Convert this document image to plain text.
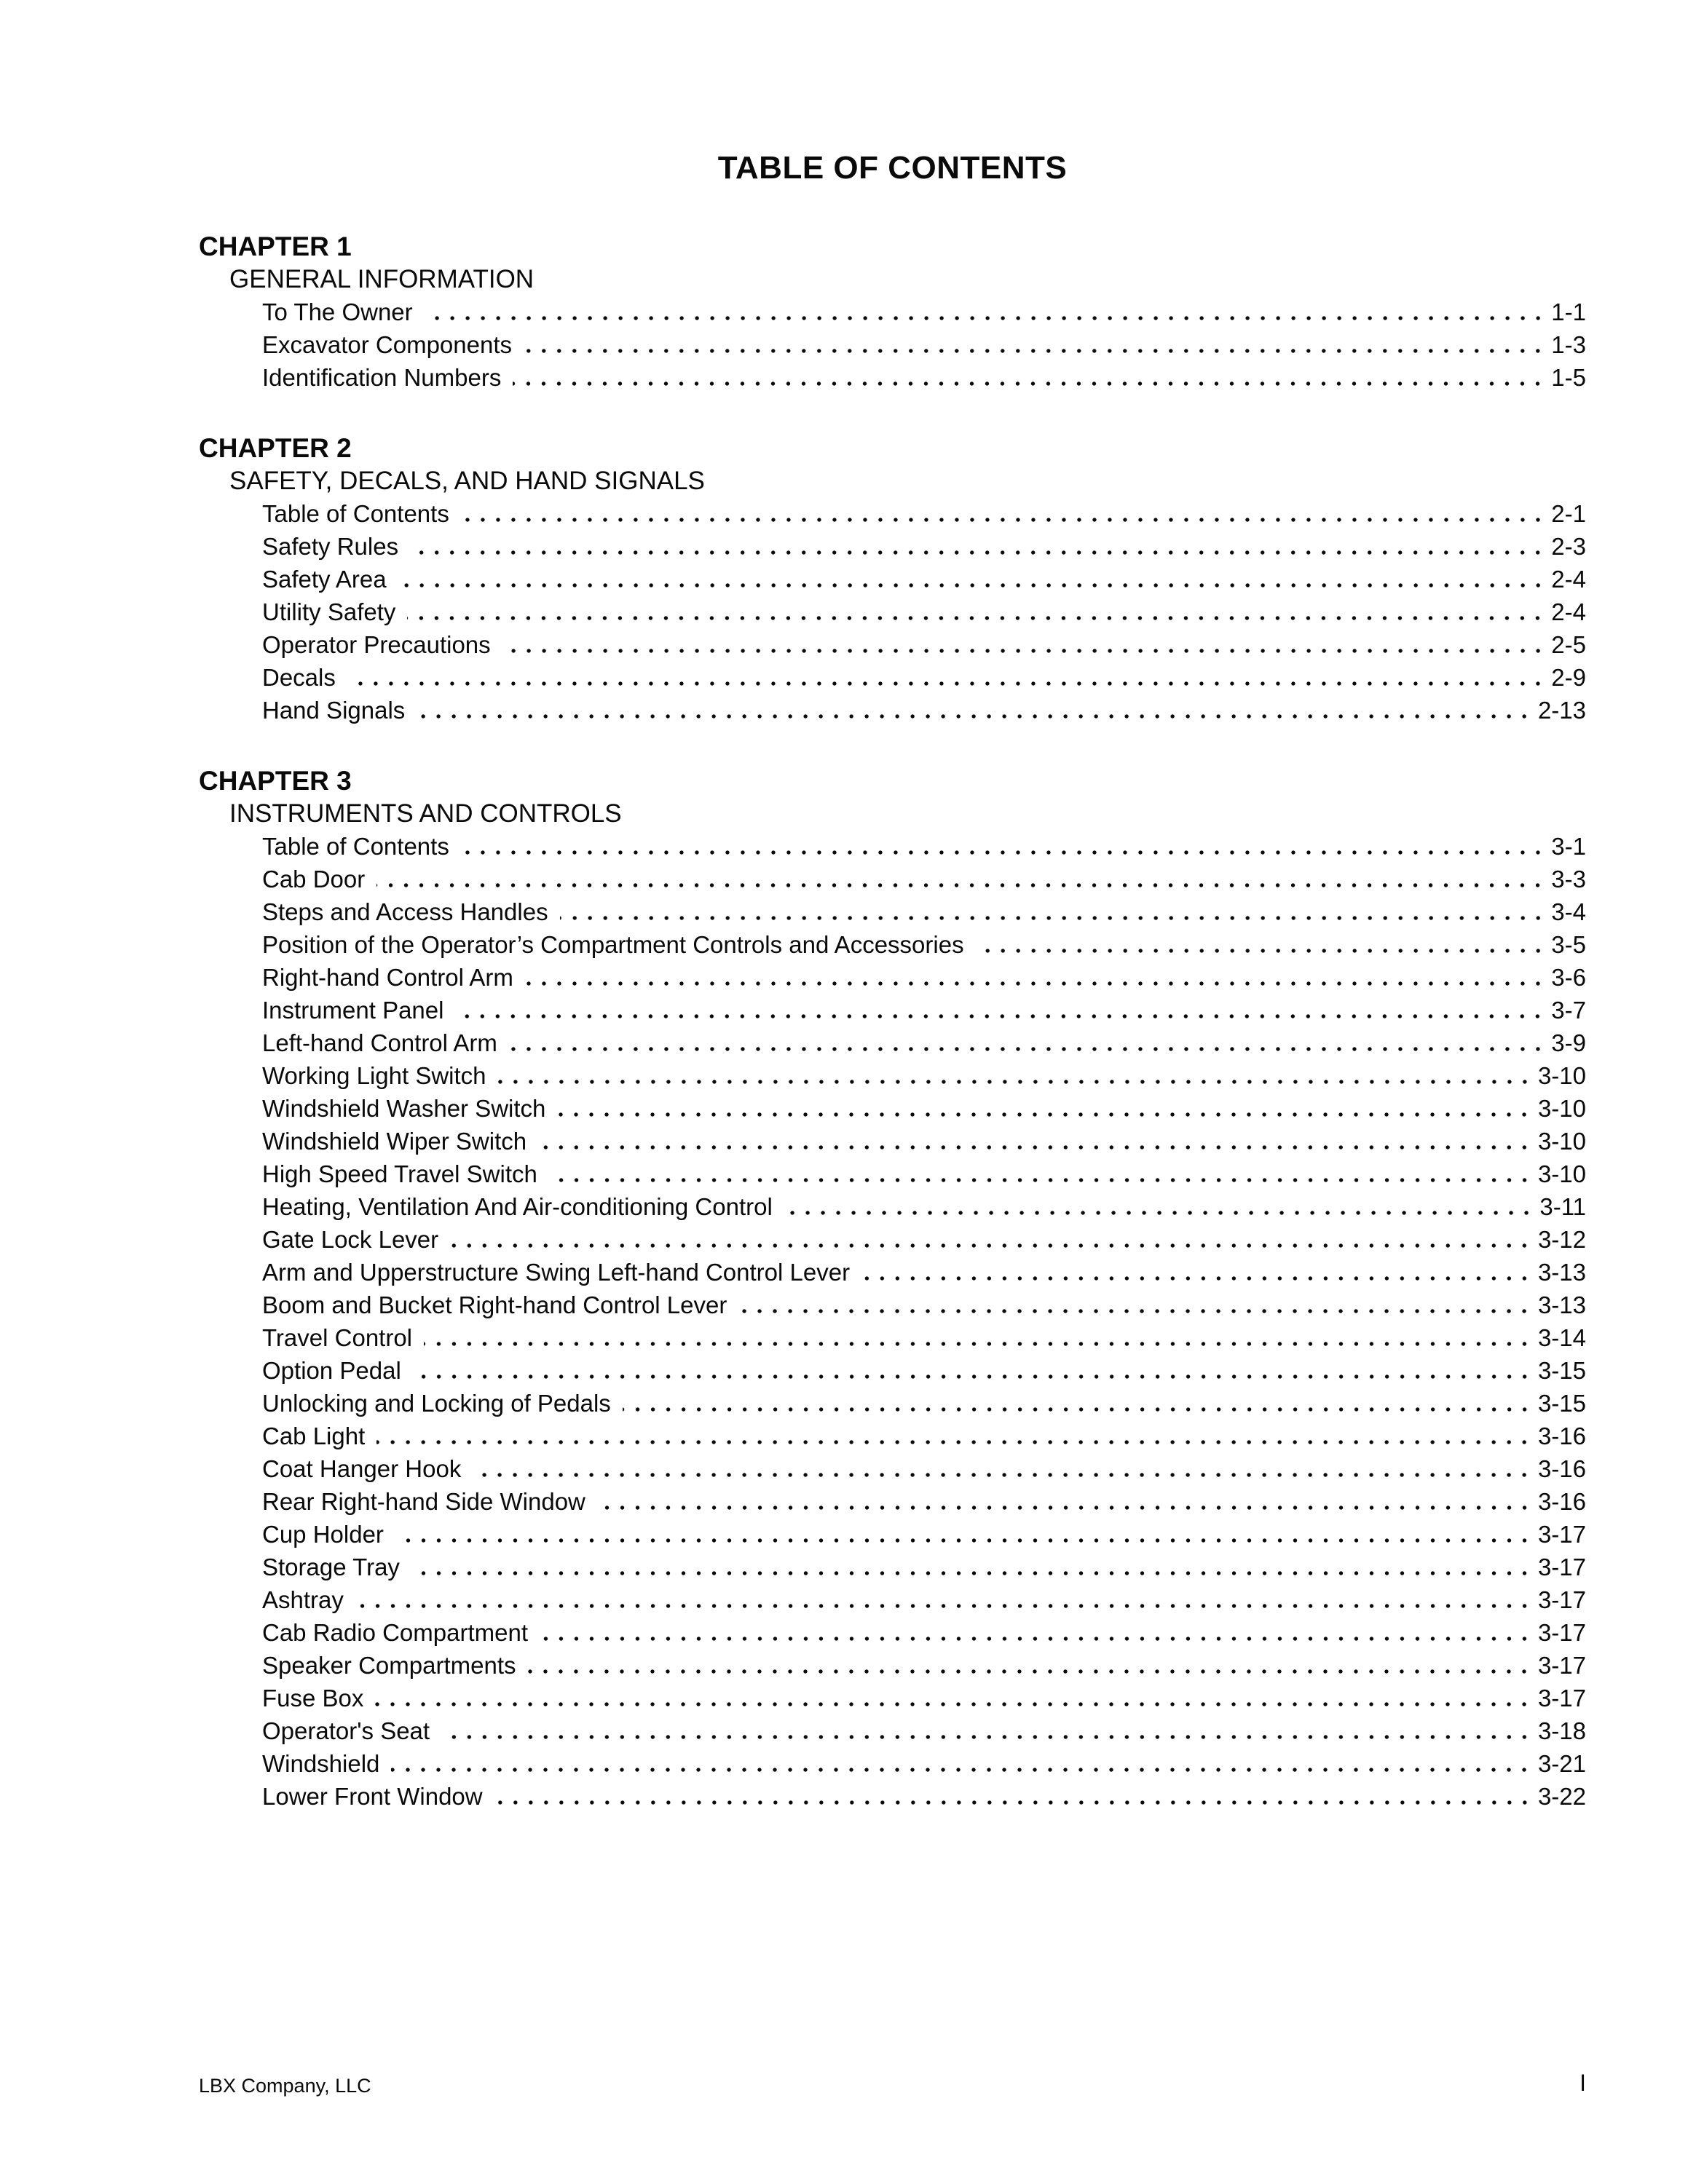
TABLE OF CONTENTS
CHAPTER 1
GENERAL INFORMATION
To The Owner	1-1
Excavator Components	1-3
Identification Numbers	1-5
CHAPTER 2
SAFETY, DECALS, AND HAND SIGNALS
Table of Contents	2-1
Safety Rules	2-3
Safety Area	2-4
Utility Safety	2-4
Operator Precautions	2-5
Decals	2-9
Hand Signals	2-13
CHAPTER 3
INSTRUMENTS AND CONTROLS
Table of Contents	3-1
Cab Door	3-3
Steps and Access Handles	3-4
Position of the Operator’s Compartment Controls and Accessories	3-5
Right-hand Control Arm	3-6
Instrument Panel	3-7
Left-hand Control Arm	3-9
Working Light Switch	3-10
Windshield Washer Switch	3-10
Windshield Wiper Switch	3-10
High Speed Travel Switch	3-10
Heating, Ventilation And Air-conditioning Control	3-11
Gate Lock Lever	3-12
Arm and Upperstructure Swing Left-hand Control Lever	3-13
Boom and Bucket Right-hand Control Lever	3-13
Travel Control	3-14
Option Pedal	3-15
Unlocking and Locking of Pedals	3-15
Cab Light	3-16
Coat Hanger Hook	3-16
Rear Right-hand Side Window	3-16
Cup Holder	3-17
Storage Tray	3-17
Ashtray	3-17
Cab Radio Compartment	3-17
Speaker Compartments	3-17
Fuse Box	3-17
Operator's Seat	3-18
Windshield	3-21
Lower Front Window	3-22
LBX Company, LLC	I
